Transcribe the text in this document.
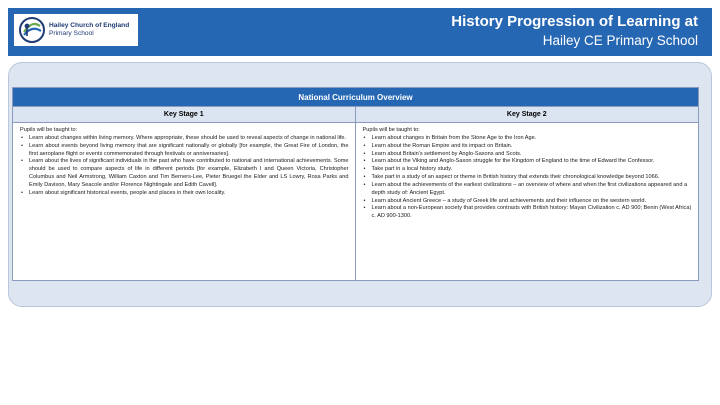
Hailey Church of England
Primary School
History Progression of Learning at
Hailey CE Primary School
National Curriculum Overview
Key Stage 1	Key Stage 2
Pupils will be taught to:
• Learn about changes within living memory. Where appropriate, these should be used to reveal aspects of change in national life.
• Learn about events beyond living memory that are significant nationally or globally [for example, the Great Fire of London, the first aeroplane flight or events commemorated through festivals or anniversaries].
• Learn about the lives of significant individuals in the past who have contributed to national and international achievements. Some should be used to compare aspects of life in different periods [for example, Elizabeth I and Queen Victoria, Christopher Columbus and Neil Armstrong, William Caxton and Tim Berners-Lee, Pieter Bruegel the Elder and LS Lowry, Rosa Parks and Emily Davison, Mary Seacole and/or Florence Nightingale and Edith Cavell].
• Learn about significant historical events, people and places in their own locality.
Pupils will be taught to:
• Learn about changes in Britain from the Stone Age to the Iron Age.
• Learn about the Roman Empire and its impact on Britain.
• Learn about Britain's settlement by Anglo-Saxons and Scots.
• Learn about the Viking and Anglo-Saxon struggle for the Kingdom of England to the time of Edward the Confessor.
• Take part in a local history study.
• Take part in a study of an aspect or theme in British history that extends their chronological knowledge beyond 1066.
• Learn about the achievements of the earliest civilizations – an overview of where and when the first civilizations appeared and a depth study of: Ancient Egypt.
• Learn about Ancient Greece – a study of Greek life and achievements and their influence on the western world.
• Learn about a non-European society that provides contrasts with British history: Mayan Civilization c. AD 900; Benin (West Africa) c. AD 900-1300.
